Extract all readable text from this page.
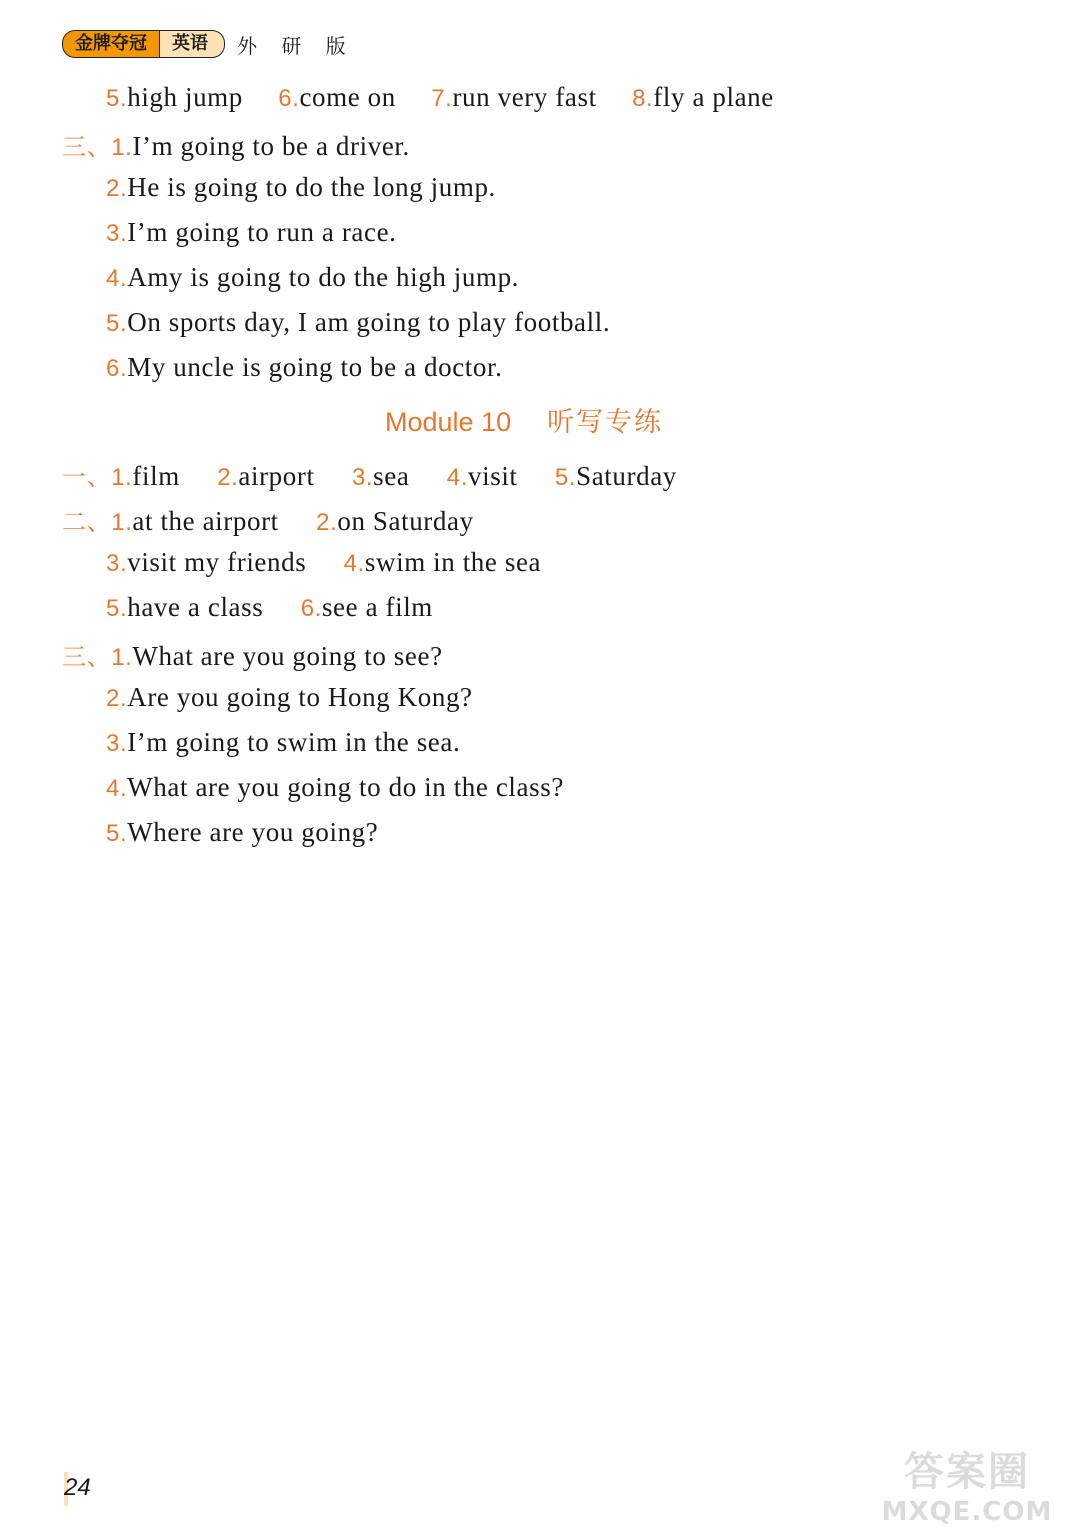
金牌夺冠	英语	外 研 版
5.high jump 6.come on 7.run very fast 8.fly a plane
三、1.I’m going to be a driver.
2.He is going to do the long jump.
3.I’m going to run a race.
4.Amy is going to do the high jump.
5.On sports day, I am going to play football.
6.My uncle is going to be a doctor.
Module 10 听写专练
一、1.film 2.airport 3.sea 4.visit 5.Saturday
二、1.at the airport 2.on Saturday
3.visit my friends 4.swim in the sea
5.have a class 6.see a film
三、1.What are you going to see?
2.Are you going to Hong Kong?
3.I’m going to swim in the sea.
4.What are you going to do in the class?
5.Where are you going?
24	答案圈
MXQE.COM
